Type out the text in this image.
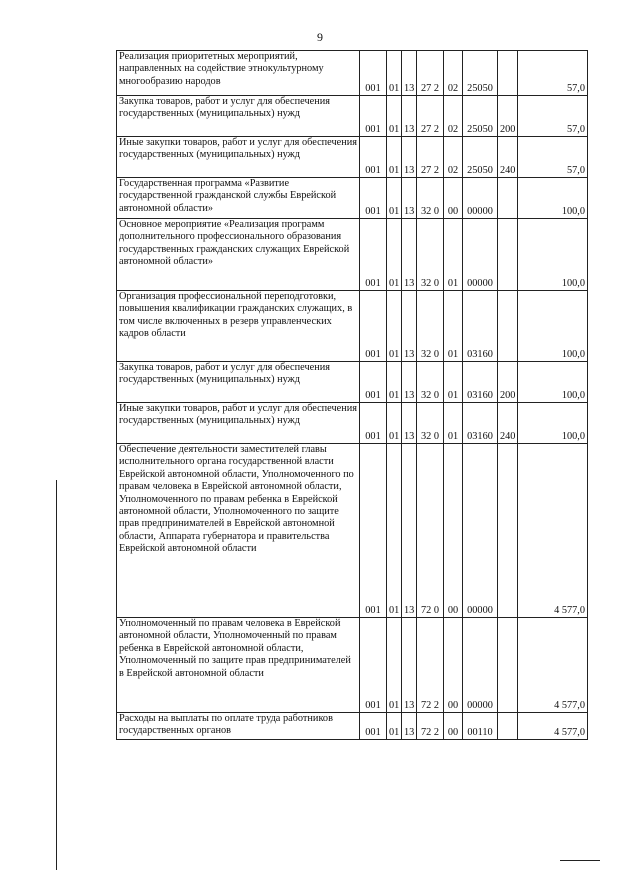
9
Реализация приоритетных мероприятий, направленных на содействие этнокультурному многообразию народов	001	01	13	27 2	02	25050		57,0
Закупка товаров, работ и услуг для обеспечения государственных (муниципальных) нужд	001	01	13	27 2	02	25050	200	57,0
Иные закупки товаров, работ и услуг для обеспечения государственных (муниципальных) нужд	001	01	13	27 2	02	25050	240	57,0
Государственная программа «Развитие государственной гражданской службы Еврейской автономной области»	001	01	13	32 0	00	00000		100,0
Основное мероприятие «Реализация программ дополнительного профессионального образования государственных гражданских служащих Еврейской автономной области»	001	01	13	32 0	01	00000		100,0
Организация профессиональной переподготовки, повышения квалификации гражданских служащих, в том числе включенных в резерв управленческих кадров области	001	01	13	32 0	01	03160		100,0
Закупка товаров, работ и услуг для обеспечения государственных (муниципальных) нужд	001	01	13	32 0	01	03160	200	100,0
Иные закупки товаров, работ и услуг для обеспечения государственных (муниципальных) нужд	001	01	13	32 0	01	03160	240	100,0
Обеспечение деятельности заместителей главы исполнительного органа государственной власти Еврейской автономной области, Уполномоченного по правам человека в Еврейской автономной области, Уполномоченного по правам ребенка в Еврейской автономной области, Уполномоченного по защите прав предпринимателей в Еврейской автономной области, Аппарата губернатора и правительства Еврейской автономной области	001	01	13	72 0	00	00000		4 577,0
Уполномоченный по правам человека в Еврейской автономной области, Уполномоченный по правам ребенка в Еврейской автономной области, Уполномоченный по защите прав предпринимателей в Еврейской автономной области	001	01	13	72 2	00	00000		4 577,0
Расходы на выплаты по оплате труда работников государственных органов	001	01	13	72 2	00	00110		4 577,0
